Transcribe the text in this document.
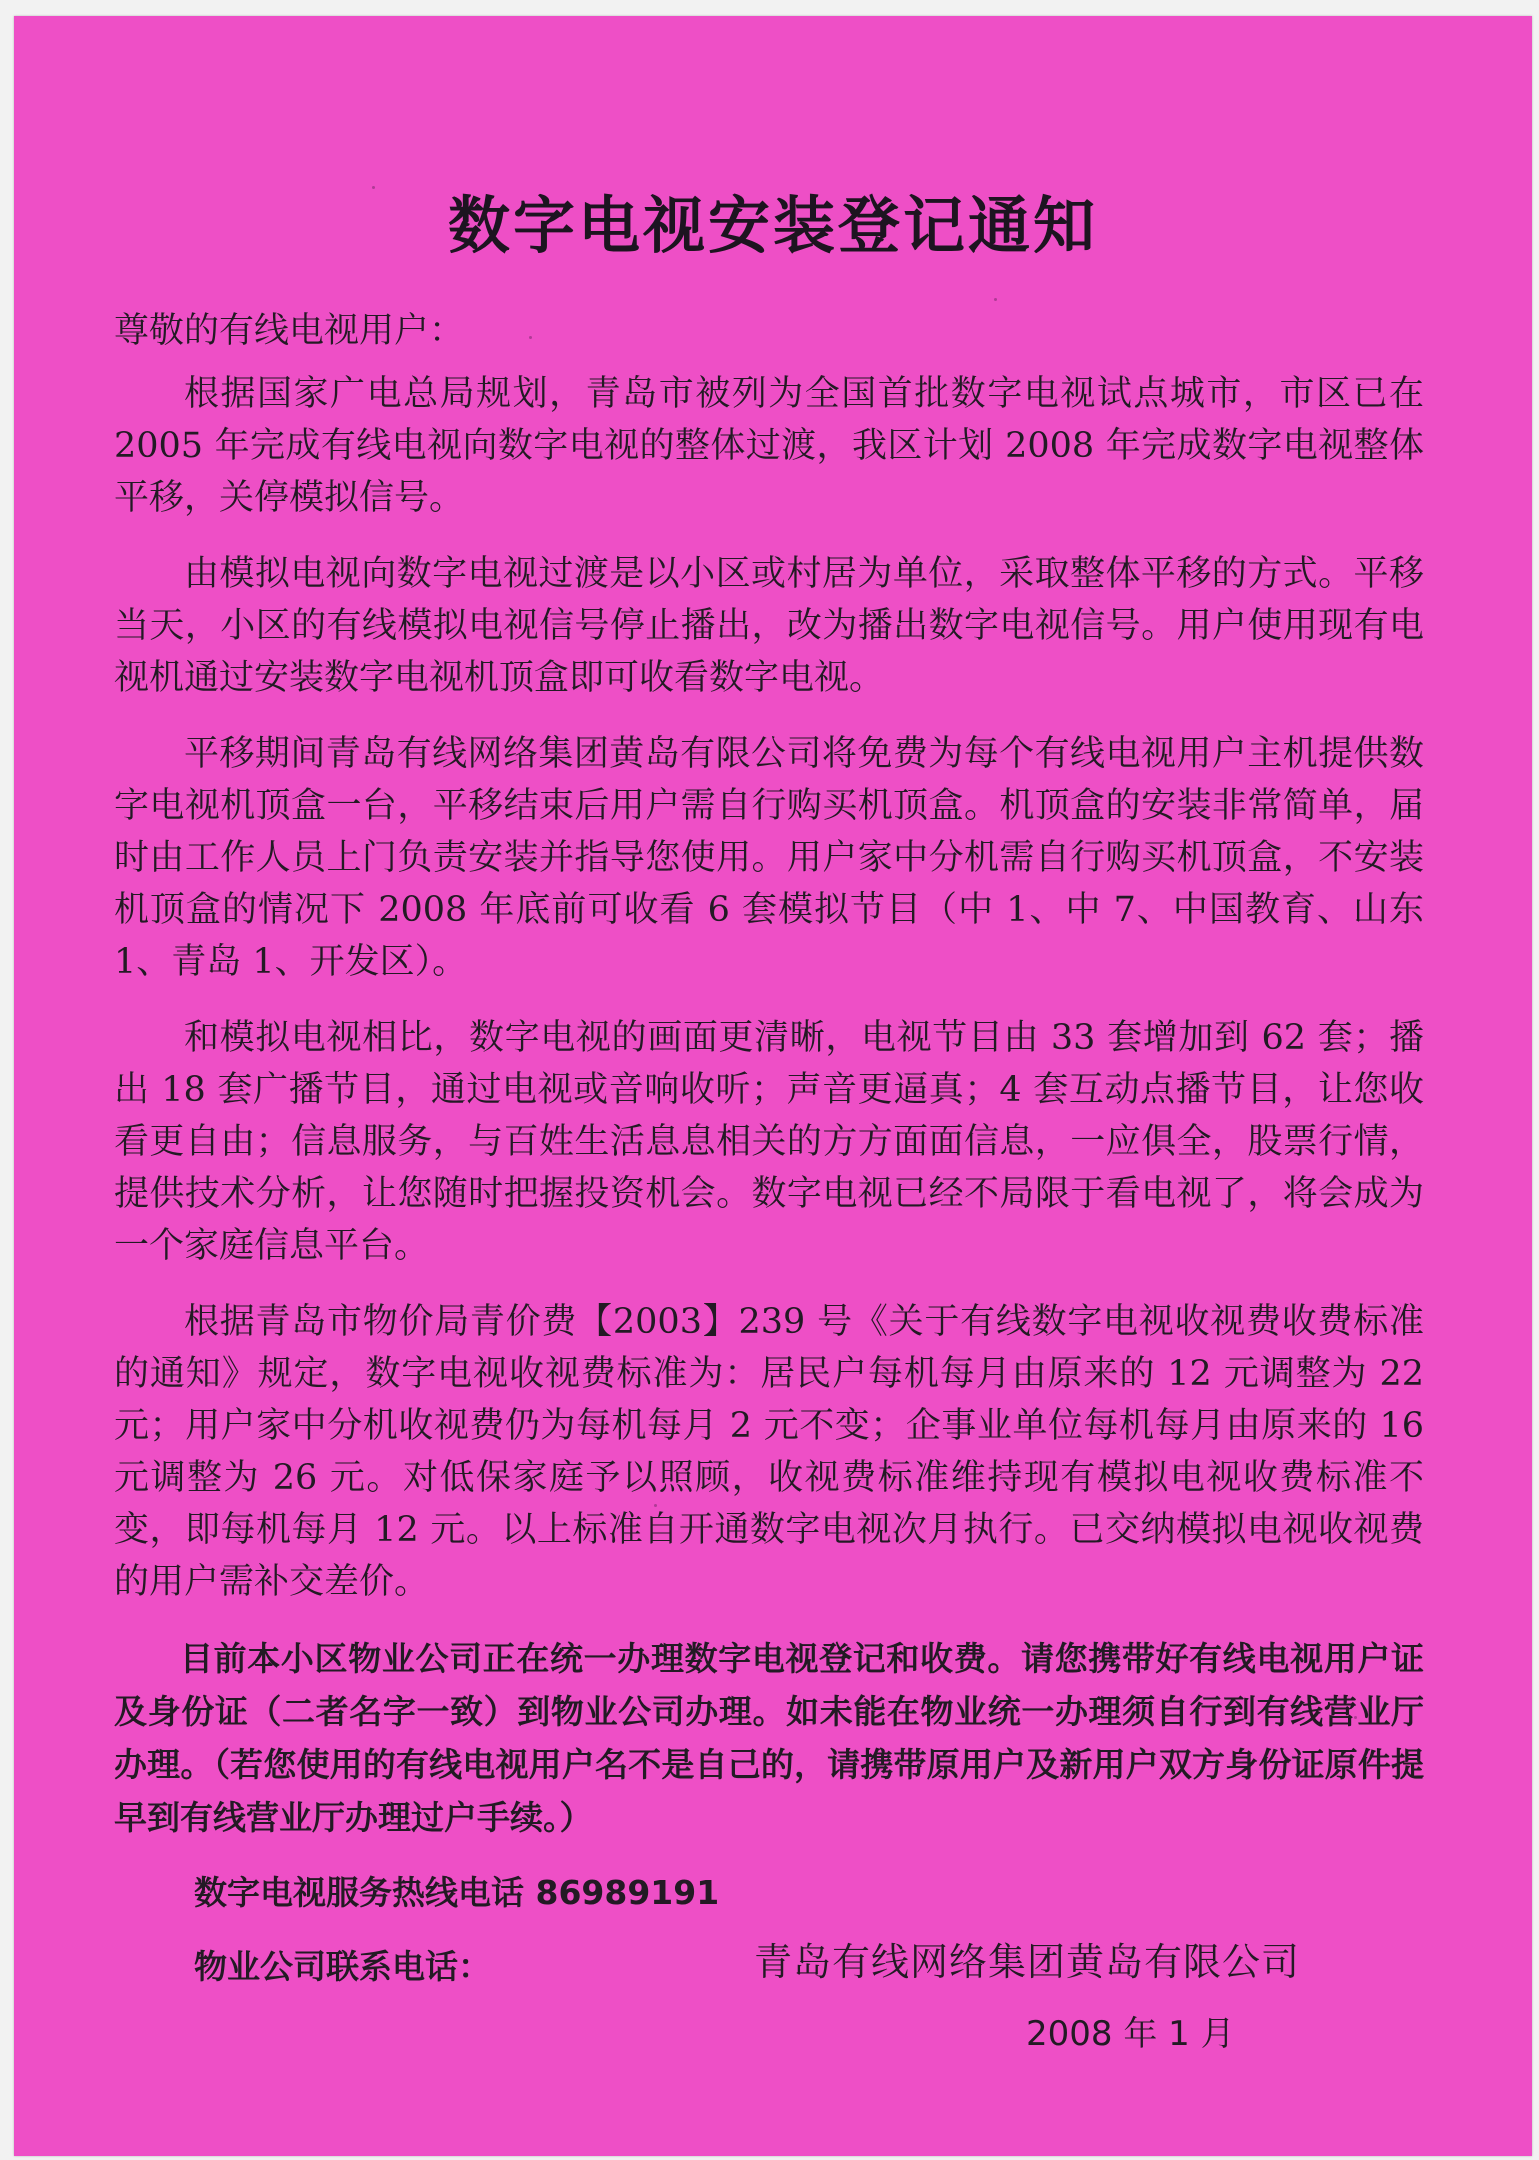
数字电视安装登记通知

尊敬的有线电视用户：

根据国家广电总局规划，青岛市被列为全国首批数字电视试点城市，市区已在 2005 年完成有线电视向数字电视的整体过渡，我区计划 2008 年完成数字电视整体平移，关停模拟信号。

由模拟电视向数字电视过渡是以小区或村居为单位，采取整体平移的方式。平移当天，小区的有线模拟电视信号停止播出，改为播出数字电视信号。用户使用现有电视机通过安装数字电视机顶盒即可收看数字电视。

平移期间青岛有线网络集团黄岛有限公司将免费为每个有线电视用户主机提供数字电视机顶盒一台，平移结束后用户需自行购买机顶盒。机顶盒的安装非常简单，届时由工作人员上门负责安装并指导您使用。用户家中分机需自行购买机顶盒，不安装机顶盒的情况下 2008 年底前可收看 6 套模拟节目（中 1、中 7、中国教育、山东 1、青岛 1、开发区）。

和模拟电视相比，数字电视的画面更清晰，电视节目由 33 套增加到 62 套；播出 18 套广播节目，通过电视或音响收听；声音更逼真；4 套互动点播节目，让您收看更自由；信息服务，与百姓生活息息相关的方方面面信息，一应俱全，股票行情，提供技术分析，让您随时把握投资机会。数字电视已经不局限于看电视了，将会成为一个家庭信息平台。

根据青岛市物价局青价费【2003】239 号《关于有线数字电视收视费收费标准的通知》规定，数字电视收视费标准为：居民户每机每月由原来的 12 元调整为 22 元；用户家中分机收视费仍为每机每月 2 元不变；企事业单位每机每月由原来的 16 元调整为 26 元。对低保家庭予以照顾，收视费标准维持现有模拟电视收费标准不变，即每机每月 12 元。以上标准自开通数字电视次月执行。已交纳模拟电视收视费的用户需补交差价。

目前本小区物业公司正在统一办理数字电视登记和收费。请您携带好有线电视用户证及身份证（二者名字一致）到物业公司办理。如未能在物业统一办理须自行到有线营业厅办理。（若您使用的有线电视用户名不是自己的，请携带原用户及新用户双方身份证原件提早到有线营业厅办理过户手续。）

数字电视服务热线电话 86989191

物业公司联系电话：	青岛有线网络集团黄岛有限公司

2008 年 1 月
